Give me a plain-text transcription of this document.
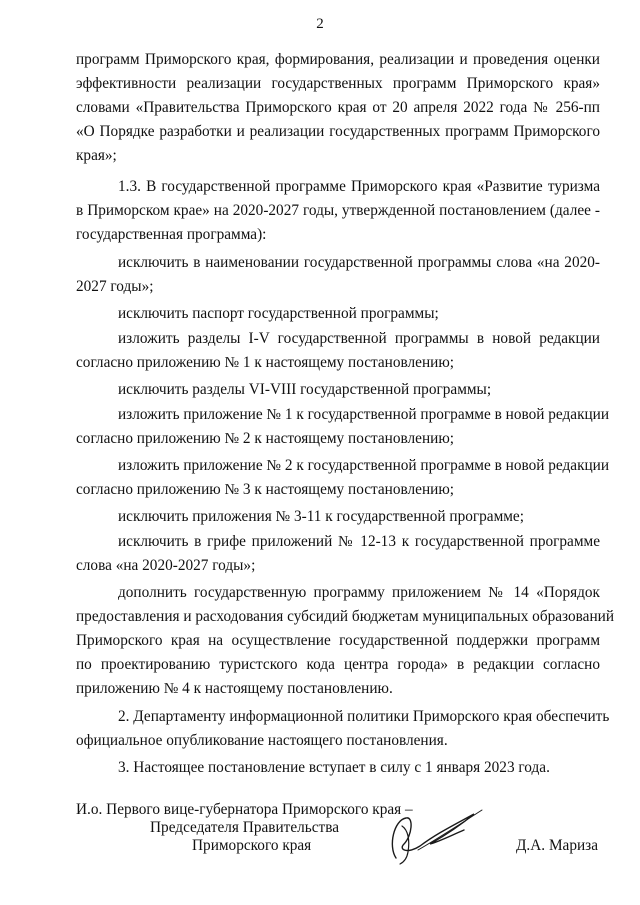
2
программ Приморского края, формирования, реализации и проведения оценки
эффективности реализации государственных программ Приморского края»
словами «Правительства Приморского края от 20 апреля 2022 года № 256-пп
«О Порядке разработки и реализации государственных программ Приморского
края»;
1.3. В государственной программе Приморского края «Развитие туризма
в Приморском крае» на 2020-2027 годы, утвержденной постановлением (далее -
государственная программа):
исключить в наименовании государственной программы слова «на 2020-
2027 годы»;
исключить паспорт государственной программы;
изложить разделы I-V государственной программы в новой редакции
согласно приложению № 1 к настоящему постановлению;
исключить разделы VI-VIII государственной программы;
изложить приложение № 1 к государственной программе в новой редакции
согласно приложению № 2 к настоящему постановлению;
изложить приложение № 2 к государственной программе в новой редакции
согласно приложению № 3 к настоящему постановлению;
исключить приложения № 3-11 к государственной программе;
исключить в грифе приложений № 12-13 к государственной программе
слова «на 2020-2027 годы»;
дополнить государственную программу приложением № 14 «Порядок
предоставления и расходования субсидий бюджетам муниципальных образований
Приморского края на осуществление государственной поддержки программ
по проектированию туристского кода центра города» в редакции согласно
приложению № 4 к настоящему постановлению.
2. Департаменту информационной политики Приморского края обеспечить
официальное опубликование настоящего постановления.
3. Настоящее постановление вступает в силу с 1 января 2023 года.
И.о. Первого вице-губернатора Приморского края –
Председателя Правительства
Приморского края	Д.А. Мариза
